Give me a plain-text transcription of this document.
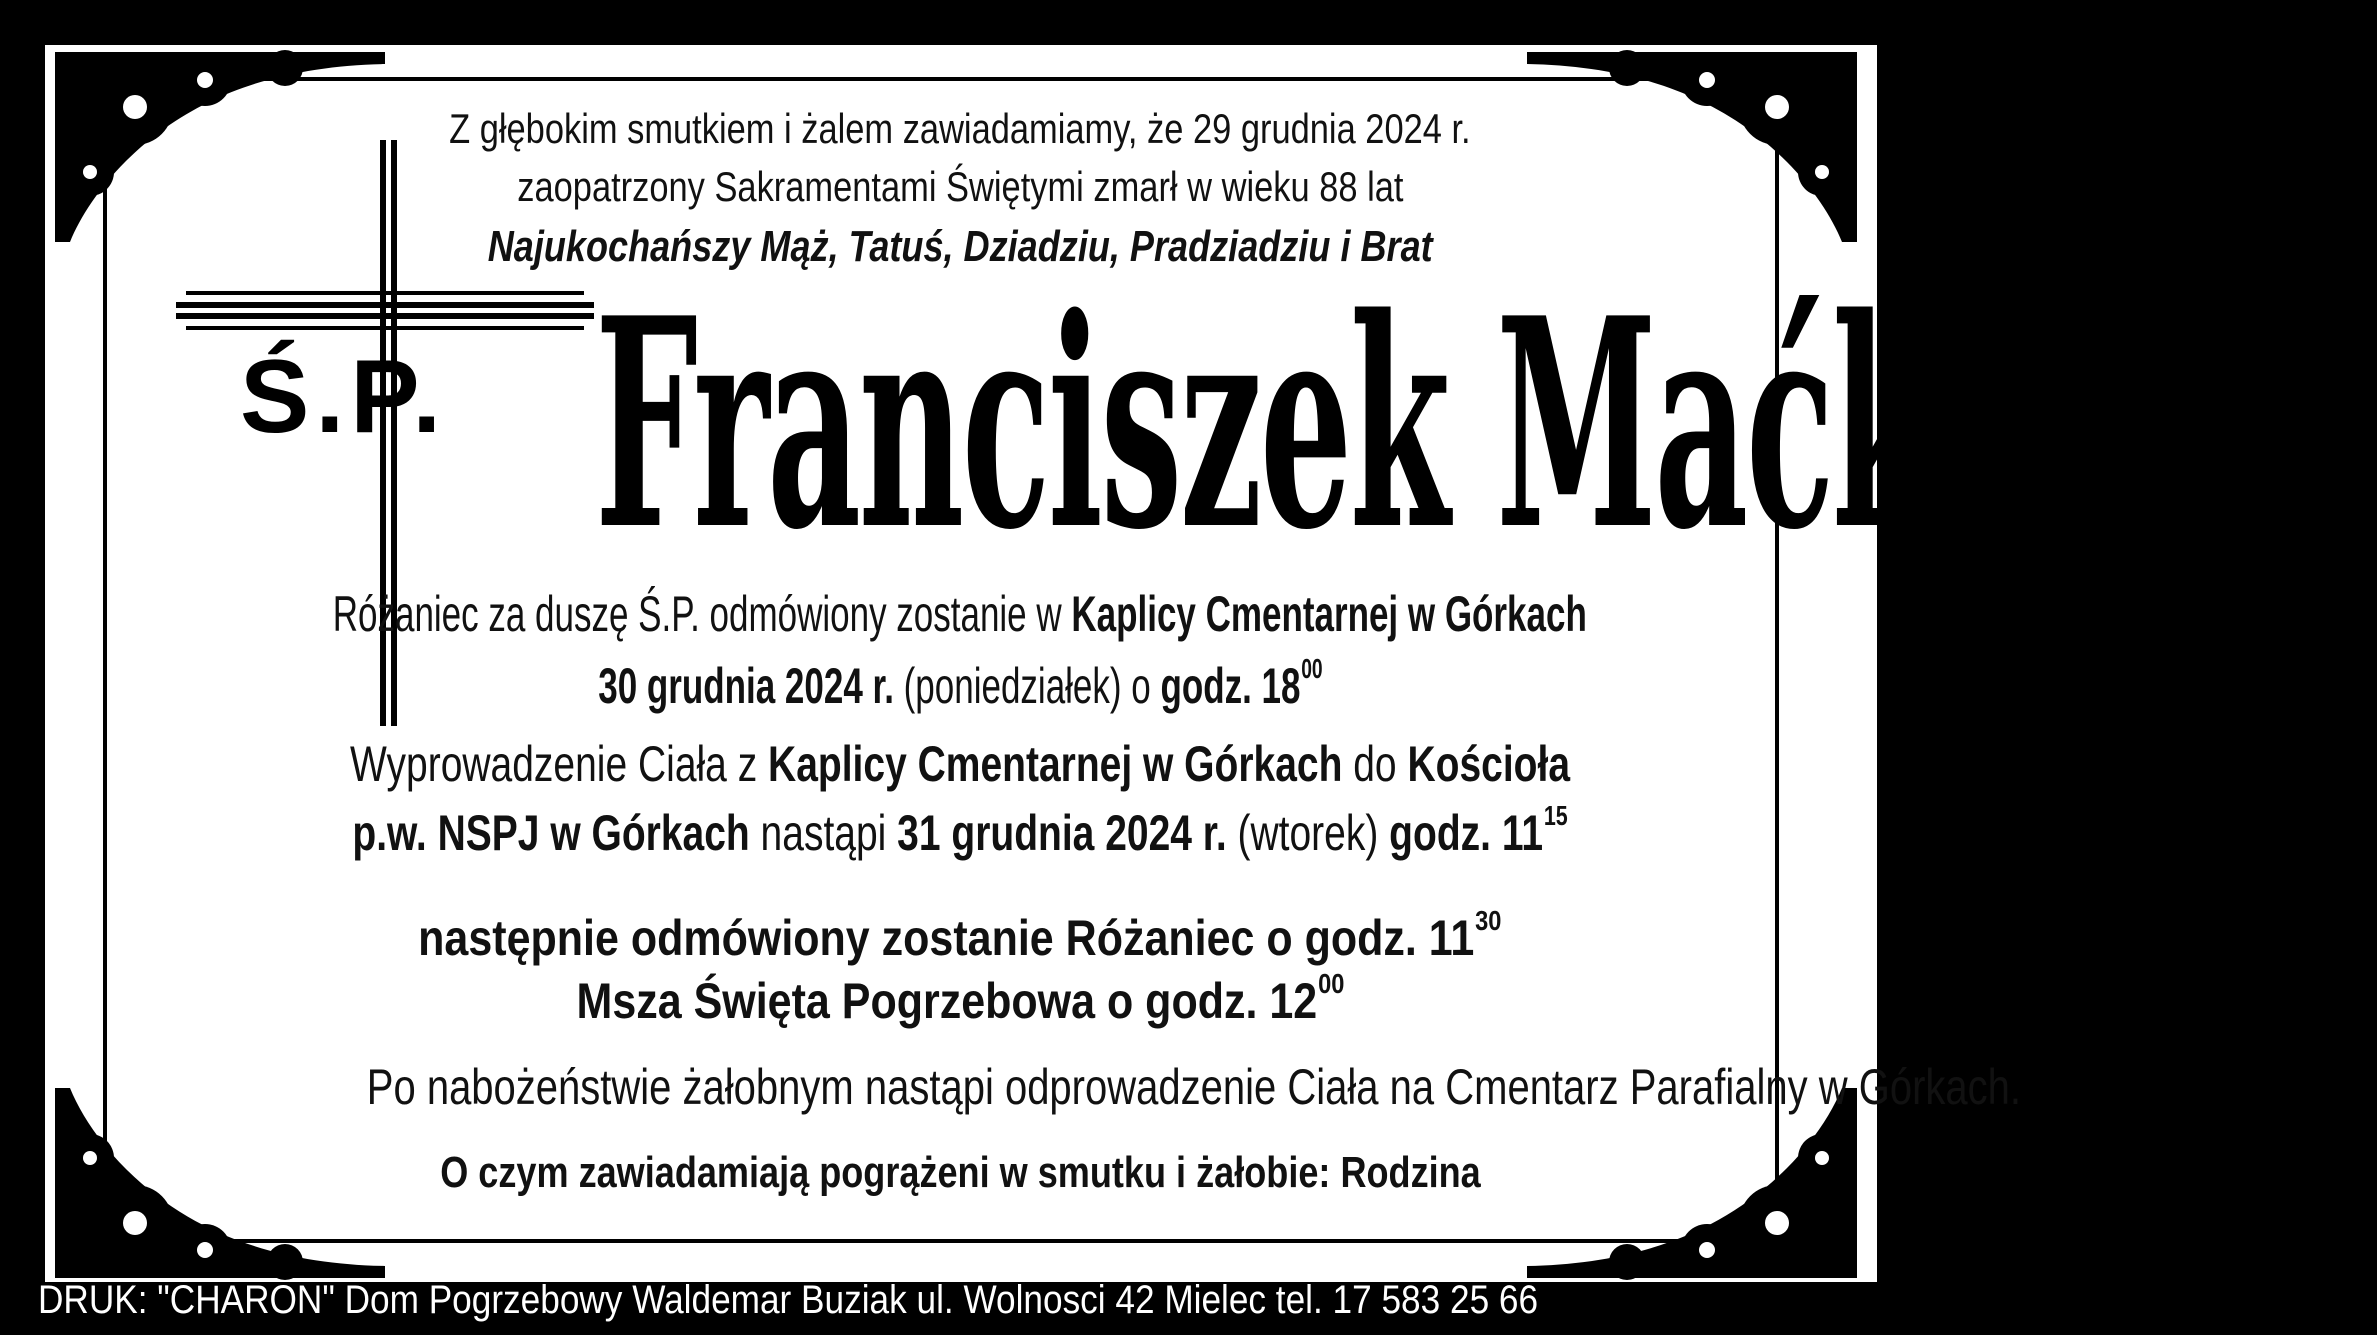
Ś.P.
Z głębokim smutkiem i żalem zawiadamiamy, że 29 grudnia 2024 r.
zaopatrzony Sakramentami Świętymi zmarł w wieku 88 lat
Najukochańszy Mąż, Tatuś, Dziadziu, Pradziadziu i Brat
Franciszek Maćkowski
Różaniec za duszę Ś.P. odmówiony zostanie w Kaplicy Cmentarnej w Górkach
30 grudnia 2024 r. (poniedziałek) o godz. $18^{00}$
Wyprowadzenie Ciała z Kaplicy Cmentarnej w Górkach do Kościoła
p.w. NSPJ w Górkach nastąpi 31 grudnia 2024 r. (wtorek) godz. $11^{15}$
następnie odmówiony zostanie Różaniec o godz. $11^{30}$
Msza Święta Pogrzebowa o godz. $12^{00}$
Po nabożeństwie żałobnym nastąpi odprowadzenie Ciała na Cmentarz Parafialny w Górkach.
O czym zawiadamiają pogrążeni w smutku i żałobie: Rodzina
DRUK: "CHARON" Dom Pogrzebowy Waldemar Buziak ul. Wolnosci 42 Mielec tel. 17 583 25 66
